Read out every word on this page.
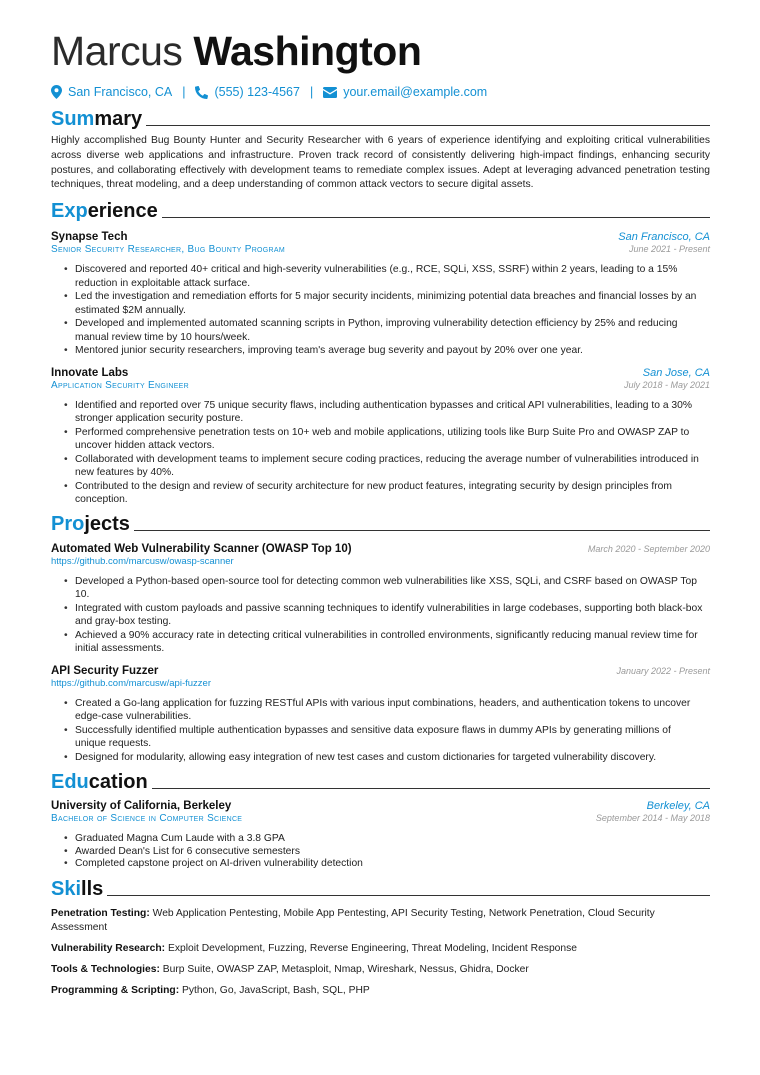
Marcus Washington
San Francisco, CA | (555) 123-4567 | your.email@example.com
Summary

Highly accomplished Bug Bounty Hunter and Security Researcher with 6 years of experience identifying and exploiting critical vulnerabilities across diverse web applications and infrastructure. Proven track record of consistently delivering high-impact findings, enhancing security postures, and collaborating effectively with development teams to remediate complex issues. Adept at leveraging advanced penetration testing techniques, threat modeling, and a deep understanding of common attack vectors to secure digital assets.

Experience
Synapse Tech	San Francisco, CA
Senior Security Researcher, Bug Bounty Program	June 2021 - Present
• Discovered and reported 40+ critical and high-severity vulnerabilities (e.g., RCE, SQLi, XSS, SSRF) within 2 years, leading to a 15% reduction in exploitable attack surface.
• Led the investigation and remediation efforts for 5 major security incidents, minimizing potential data breaches and financial losses by an estimated $2M annually.
• Developed and implemented automated scanning scripts in Python, improving vulnerability detection efficiency by 25% and reducing manual review time by 10 hours/week.
• Mentored junior security researchers, improving team's average bug severity and payout by 20% over one year.
Innovate Labs	San Jose, CA
Application Security Engineer	July 2018 - May 2021
• Identified and reported over 75 unique security flaws, including authentication bypasses and critical API vulnerabilities, leading to a 30% stronger application security posture.
• Performed comprehensive penetration tests on 10+ web and mobile applications, utilizing tools like Burp Suite Pro and OWASP ZAP to uncover hidden attack vectors.
• Collaborated with development teams to implement secure coding practices, reducing the average number of vulnerabilities introduced in new features by 40%.
• Contributed to the design and review of security architecture for new product features, integrating security by design principles from conception.
Projects
Automated Web Vulnerability Scanner (OWASP Top 10)	March 2020 - September 2020
https://github.com/marcusw/owasp-scanner
• Developed a Python-based open-source tool for detecting common web vulnerabilities like XSS, SQLi, and CSRF based on OWASP Top 10.
• Integrated with custom payloads and passive scanning techniques to identify vulnerabilities in large codebases, supporting both black-box and gray-box testing.
• Achieved a 90% accuracy rate in detecting critical vulnerabilities in controlled environments, significantly reducing manual review time for initial assessments.
API Security Fuzzer	January 2022 - Present
https://github.com/marcusw/api-fuzzer
• Created a Go-lang application for fuzzing RESTful APIs with various input combinations, headers, and authentication tokens to uncover edge-case vulnerabilities.
• Successfully identified multiple authentication bypasses and sensitive data exposure flaws in dummy APIs by generating millions of unique requests.
• Designed for modularity, allowing easy integration of new test cases and custom dictionaries for targeted vulnerability discovery.
Education
University of California, Berkeley	Berkeley, CA
Bachelor of Science in Computer Science	September 2014 - May 2018
• Graduated Magna Cum Laude with a 3.8 GPA
• Awarded Dean's List for 6 consecutive semesters
• Completed capstone project on AI-driven vulnerability detection
Skills
Penetration Testing: Web Application Pentesting, Mobile App Pentesting, API Security Testing, Network Penetration, Cloud Security Assessment
Vulnerability Research: Exploit Development, Fuzzing, Reverse Engineering, Threat Modeling, Incident Response
Tools & Technologies: Burp Suite, OWASP ZAP, Metasploit, Nmap, Wireshark, Nessus, Ghidra, Docker
Programming & Scripting: Python, Go, JavaScript, Bash, SQL, PHP
